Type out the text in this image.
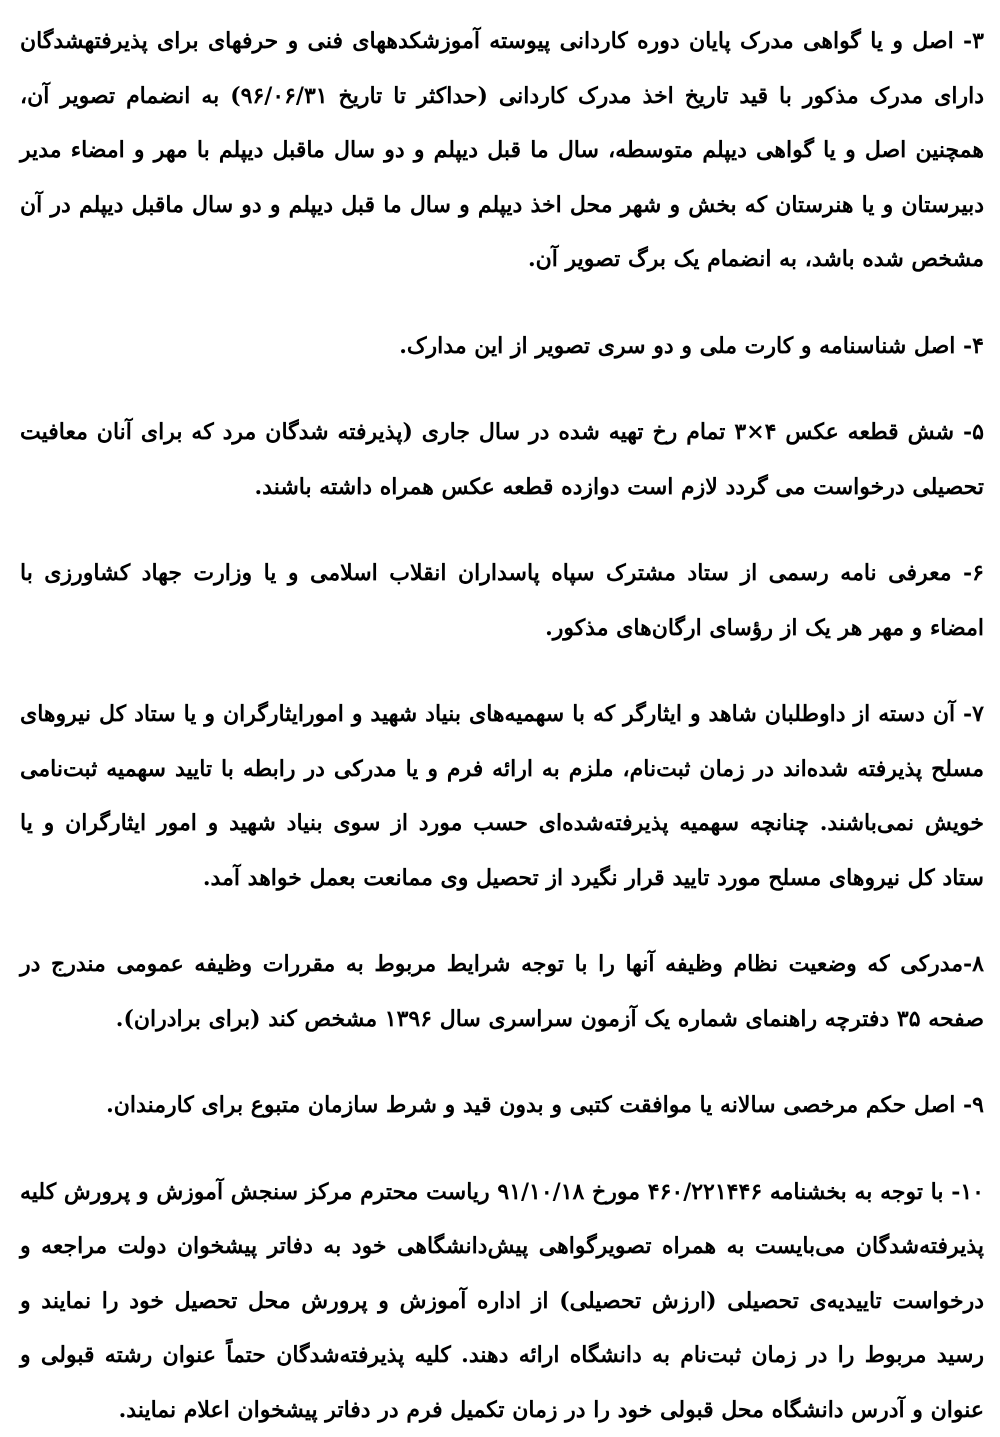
۳- اصل و یا گواهی مدرک پایان دوره کاردانی پیوسته آموزشکدههای فنی و حرفهای برای پذیرفتهشدگان دارای مدرک مذکور با قید تاریخ اخذ مدرک کاردانی (حداکثر تا تاریخ ۹۶/۰۶/۳۱) به انضمام تصویر آن، همچنین اصل و یا گواهی دیپلم متوسطه، سال ما قبل دیپلم و دو سال ماقبل دیپلم با مهر و امضاء مدیر دبیرستان و یا هنرستان که بخش و شهر محل اخذ دیپلم و سال ما قبل دیپلم و دو سال ماقبل دیپلم در آن مشخص شده باشد، به انضمام یک برگ تصویر آن.

۴- اصل شناسنامه و کارت ملی و دو سری تصویر از این مدارک.

۵- شش قطعه عکس ۴×۳ تمام رخ تهیه شده در سال جاری (پذیرفته شدگان مرد که برای آنان معافیت تحصیلی درخواست می گردد لازم است دوازده قطعه عکس همراه داشته باشند.

۶- معرفی نامه رسمی از ستاد مشترک سپاه پاسداران انقلاب اسلامی و یا وزارت جهاد کشاورزی با امضاء و مهر هر یک از رؤسای ارگان‌های مذکور.

۷- آن دسته از داوطلبان شاهد و ایثارگر که با سهمیه‌های بنیاد شهید و امورایثارگران و یا ستاد کل نیروهای مسلح پذیرفته شده‌اند در زمان ثبت‌نام، ملزم به ارائه فرم و یا مدرکی در رابطه با تایید سهمیه ثبت‌نامی خویش نمی‌باشند. چنانچه سهمیه پذیرفته‌شده‌ای حسب مورد از سوی بنیاد شهید و امور ایثارگران و یا ستاد کل نیروهای مسلح مورد تایید قرار نگیرد از تحصیل وی ممانعت بعمل خواهد آمد.

۸-مدرکی که وضعیت نظام وظیفه آنها را با توجه شرایط مربوط به مقررات وظیفه عمومی مندرج در صفحه ۳۵ دفترچه راهنمای شماره یک آزمون سراسری سال ۱۳۹۶ مشخص کند (برای برادران).

۹- اصل حکم مرخصی سالانه یا موافقت کتبی و بدون قید و شرط سازمان متبوع برای کارمندان.

۱۰- با توجه به بخشنامه ۴۶۰/۲۲۱۴۴۶ مورخ ۹۱/۱۰/۱۸ ریاست محترم مرکز سنجش آموزش و پرورش کلیه پذیرفته‌شدگان می‌بایست به همراه تصویرگواهی پیش‌دانشگاهی خود به دفاتر پیشخوان دولت مراجعه و درخواست تاییدیه‌ی تحصیلی (ارزش تحصیلی) از اداره آموزش و پرورش محل تحصیل خود را نمایند و رسید مربوط را در زمان ثبت‌نام به دانشگاه ارائه دهند. کلیه پذیرفته‌شدگان حتماً عنوان رشته قبولی و عنوان و آدرس دانشگاه محل قبولی خود را در زمان تکمیل فرم در دفاتر پیشخوان اعلام نمایند.
